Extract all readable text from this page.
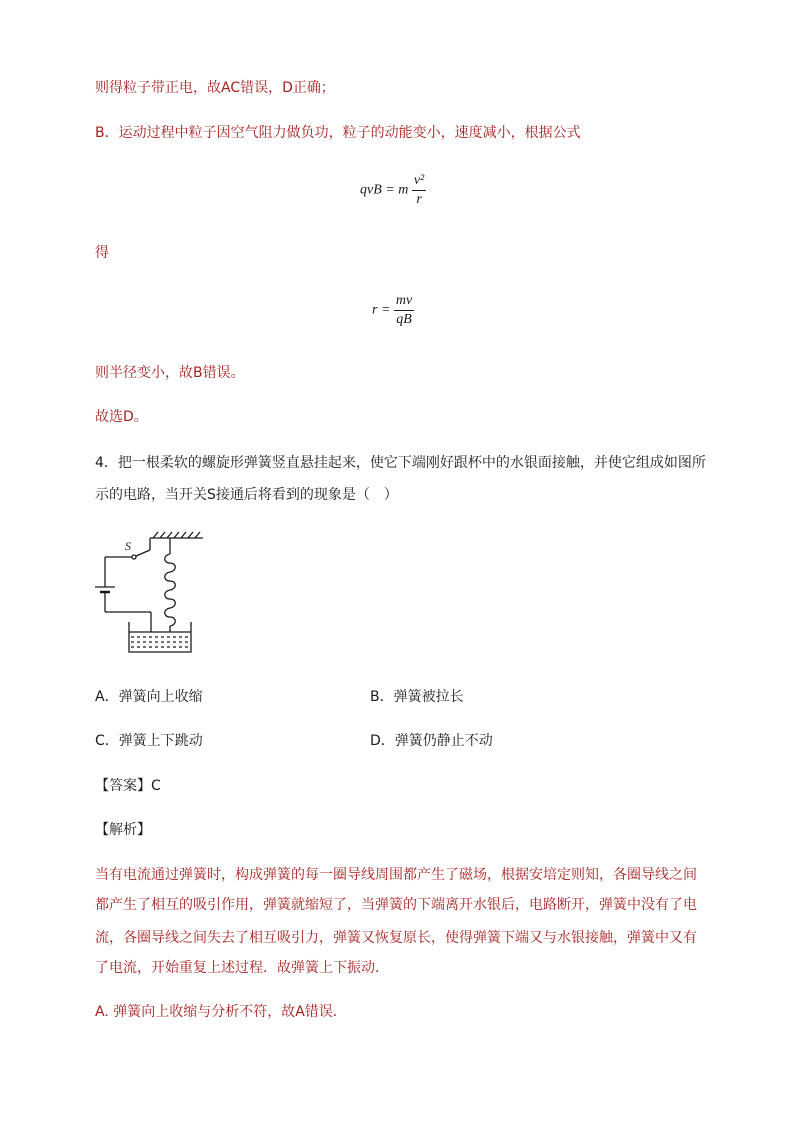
则得粒子带正电，故AC错误，D正确；
B．运动过程中粒子因空气阻力做负功，粒子的动能变小，速度减小，根据公式
qvB = m $\frac{\text{v²}}{r}$
得
$r = \frac{mv}{qB}$
则半径变小，故B错误。
故选D。
4．把一根柔软的螺旋形弹簧竖直悬挂起来，使它下端刚好跟杯中的水银面接触，并使它组成如图所
示的电路，当开关S接通后将看到的现象是（　）
S
A．弹簧向上收缩	B．弹簧被拉长
C．弹簧上下跳动	D．弹簧仍静止不动
【答案】C
【解析】
当有电流通过弹簧时，构成弹簧的每一圈导线周围都产生了磁场，根据安培定则知，各圈导线之间
都产生了相互的吸引作用，弹簧就缩短了，当弹簧的下端离开水银后，电路断开，弹簧中没有了电
流，各圈导线之间失去了相互吸引力，弹簧又恢复原长，使得弹簧下端又与水银接触，弹簧中又有
了电流，开始重复上述过程．故弹簧上下振动．
A. 弹簧向上收缩与分析不符，故A错误．
